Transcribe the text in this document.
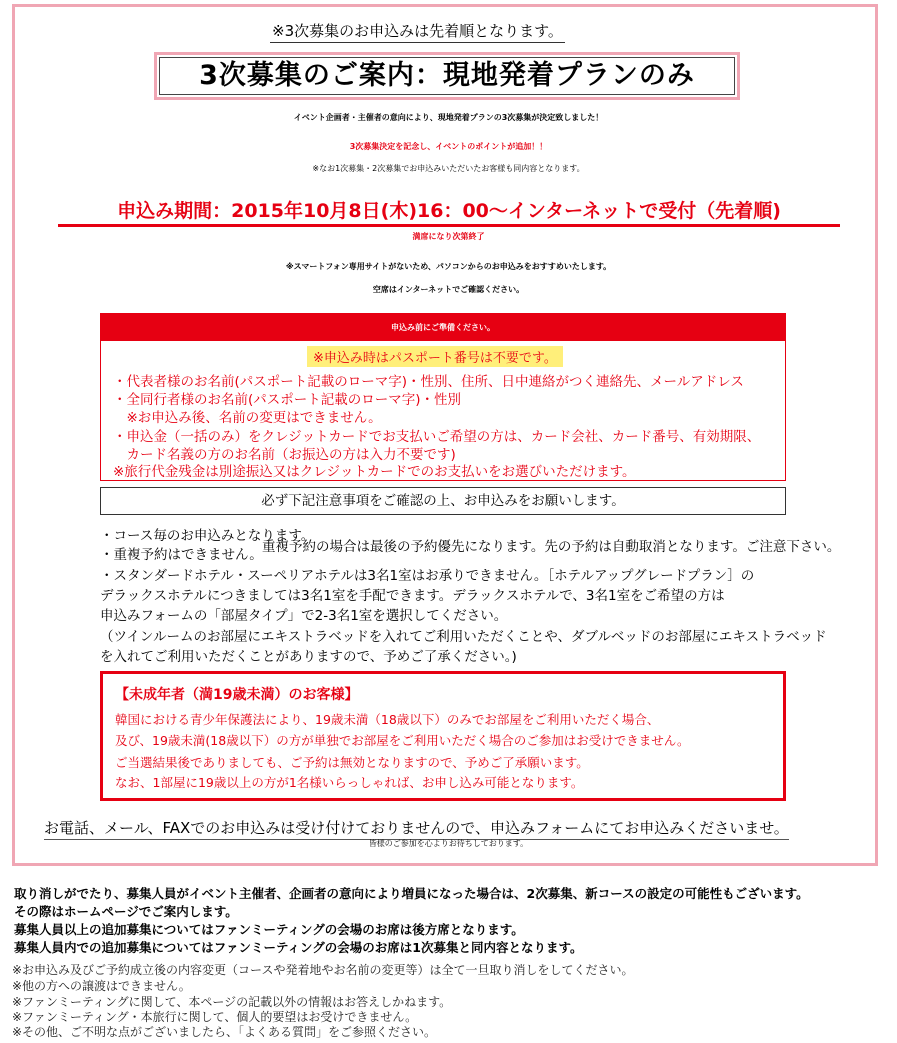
※3次募集のお申込みは先着順となります。
3次募集のご案内：現地発着プランのみ
イベント企画者・主催者の意向により、現地発着プランの3次募集が決定致しました！
3次募集決定を記念し、イベントのポイントが追加！！
※なお1次募集・2次募集でお申込みいただいたお客様も同内容となります。
申込み期間：2015年10月8日(木)16：00～インターネットで受付（先着順)
満席になり次第終了
※スマートフォン専用サイトがないため、パソコンからのお申込みをおすすめいたします。
空席はインターネットでご確認ください。
申込み前にご準備ください。
※申込み時はパスポート番号は不要です。
・代表者様のお名前(パスポート記載のローマ字)・性別、住所、日中連絡がつく連絡先、メールアドレス
・全同行者様のお名前(パスポート記載のローマ字)・性別
　※お申込み後、名前の変更はできません。
・申込金（一括のみ）をクレジットカードでお支払いご希望の方は、カード会社、カード番号、有効期限、
　カード名義の方のお名前（お振込の方は入力不要です)
※旅行代金残金は別途振込又はクレジットカードでのお支払いをお選びいただけます。
必ず下記注意事項をご確認の上、お申込みをお願いします。
・コース毎のお申込みとなります。
重複予約の場合は最後の予約優先になります。先の予約は自動取消となります。ご注意下さい。
・重複予約はできません。
・スタンダードホテル・スーペリアホテルは3名1室はお承りできません。［ホテルアップグレードプラン］の
デラックスホテルにつきましては3名1室を手配できます。デラックスホテルで、3名1室をご希望の方は
申込みフォームの「部屋タイプ」で2-3名1室を選択してください。
（ツインルームのお部屋にエキストラベッドを入れてご利用いただくことや、ダブルベッドのお部屋にエキストラベッド
を入れてご利用いただくことがありますので、予めご了承ください。)
【未成年者（満19歳未満）のお客様】
韓国における青少年保護法により、19歳未満（18歳以下）のみでお部屋をご利用いただく場合、
及び、19歳未満(18歳以下）の方が単独でお部屋をご利用いただく場合のご参加はお受けできません。
ご当選結果後でありましても、ご予約は無効となりますので、予めご了承願います。
なお、1部屋に19歳以上の方が1名様いらっしゃれば、お申し込み可能となります。
お電話、メール、FAXでのお申込みは受け付けておりませんので、申込みフォームにてお申込みくださいませ。
皆様のご参加を心よりお待ちしております。
取り消しがでたり、募集人員がイベント主催者、企画者の意向により増員になった場合は、2次募集、新コースの設定の可能性もございます。
その際はホームページでご案内します。
募集人員以上の追加募集についてはファンミーティングの会場のお席は後方席となります。
募集人員内での追加募集についてはファンミーティングの会場のお席は1次募集と同内容となります。
※お申込み及びご予約成立後の内容変更（コースや発着地やお名前の変更等）は全て一旦取り消しをしてください。
※他の方への譲渡はできません。
※ファンミーティングに関して、本ページの記載以外の情報はお答えしかねます。
※ファンミーティング・本旅行に関して、個人的要望はお受けできません。
※その他、ご不明な点がございましたら、「よくある質問」をご参照ください。
